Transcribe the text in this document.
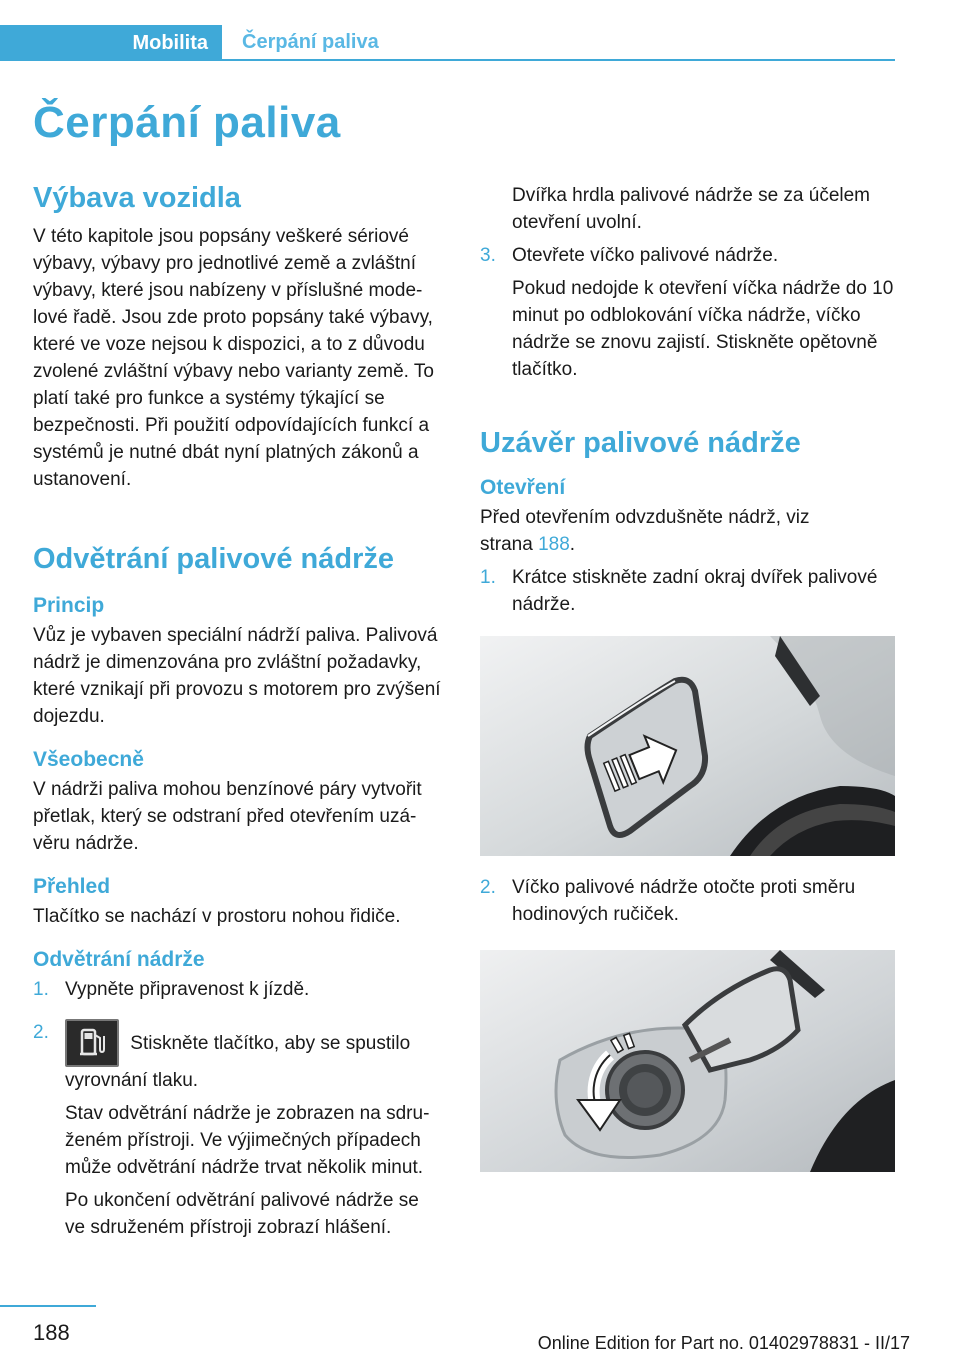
Mobilita	Čerpání paliva
Čerpání paliva
Výbava vozidla

V této kapitole jsou popsány veškeré sériové výbavy, výbavy pro jednotlivé země a zvláštní výbavy, které jsou nabízeny v příslušné modelové řadě. Jsou zde proto popsány také výbavy, které ve voze nejsou k dispozici, a to z důvodu zvolené zvláštní výbavy nebo varianty země. To platí také pro funkce a systémy týkající se bezpečnosti. Při použití odpovídajících funkcí a systémů je nutné dbát nyní platných zákonů a ustanovení.

Odvětrání palivové nádrže
Princip

Vůz je vybaven speciální nádrží paliva. Palivová nádrž je dimenzována pro zvláštní požadavky, které vznikají při provozu s motorem pro zvýšení dojezdu.

Všeobecně

V nádrži paliva mohou benzínové páry vytvořit přetlak, který se odstraní před otevřením uzávěru nádrže.

Přehled

Tlačítko se nachází v prostoru nohou řidiče.

Odvětrání nádrže
1. Vypněte připravenost k jízdě.
2.
Stiskněte tlačítko, aby se spustilo vyrovnání tlaku.

Stav odvětrání nádrže je zobrazen na sdruženém přístroji. Ve výjimečných případech může odvětrání nádrže trvat několik minut.

Po ukončení odvětrání palivové nádrže se ve sdruženém přístroji zobrazí hlášení.

Dvířka hrdla palivové nádrže se za účelem otevření uvolní.

3. Otevřete víčko palivové nádrže.

Pokud nedojde k otevření víčka nádrže do 10 minut po odblokování víčka nádrže, víčko nádrže se znovu zajistí. Stiskněte opětovně tlačítko.

Uzávěr palivové nádrže
Otevření

Před otevřením odvzdušněte nádrž, viz strana 188.

1. Krátce stiskněte zadní okraj dvířek palivové nádrže.
2. Víčko palivové nádrže otočte proti směru hodinových ručiček.
188	Online Edition for Part no. 01402978831 - II/17
